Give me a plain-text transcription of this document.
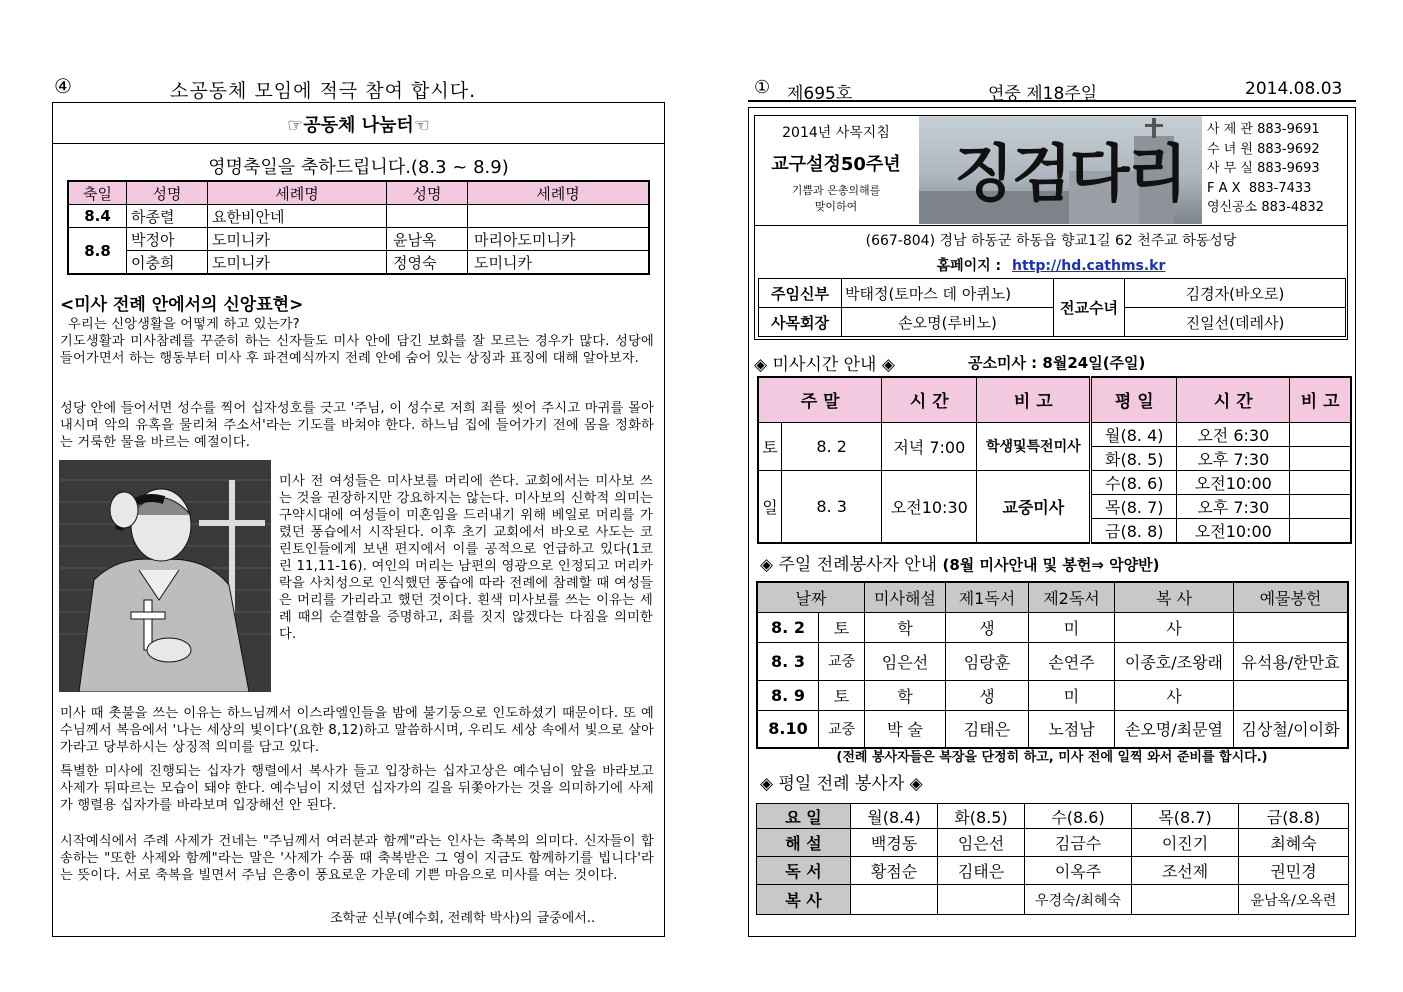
④	소공동체 모임에 적극 참여 합시다.
☞공동체 나눔터☜
영명축일을 축하드립니다.(8.3 ~ 8.9)
축일	성명	세례명	성명	세례명
8.4	하종렬	요한비안네		
8.8	박정아	도미니카	윤남옥	마리아도미니카
	이충희	도미니카	정영숙	도미니카
<미사 전례 안에서의 신앙표현>
우리는 신앙생활을 어떻게 하고 있는가?
기도생활과 미사참례를 꾸준히 하는 신자들도 미사 안에 담긴 보화를 잘 모르는 경우가 많다. 성당에 들어가면서 하는 행동부터 미사 후 파견예식까지 전례 안에 숨어 있는 상징과 표징에 대해 알아보자.
성당 안에 들어서면 성수를 찍어 십자성호를 긋고 '주님, 이 성수로 저희 죄를 씻어 주시고 마귀를 몰아내시며 악의 유혹을 물리쳐 주소서'라는 기도를 바쳐야 한다. 하느님 집에 들어가기 전에 몸을 정화하는 거룩한 물을 바르는 예절이다.
미사 전 여성들은 미사보를 머리에 쓴다. 교회에서는 미사보 쓰는 것을 권장하지만 강요하지는 않는다. 미사보의 신학적 의미는 구약시대에 여성들이 미혼임을 드러내기 위해 베일로 머리를 가렸던 풍습에서 시작된다. 이후 초기 교회에서 바오로 사도는 코린토인들에게 보낸 편지에서 이를 공적으로 언급하고 있다(1코린 11,11-16). 여인의 머리는 남편의 영광으로 인정되고 머리카락을 사치성으로 인식했던 풍습에 따라 전례에 참례할 때 여성들은 머리를 가리라고 했던 것이다. 흰색 미사보를 쓰는 이유는 세례 때의 순결함을 증명하고, 죄를 짓지 않겠다는 다짐을 의미한다.
미사 때 촛불을 쓰는 이유는 하느님께서 이스라엘인들을 밤에 불기둥으로 인도하셨기 때문이다. 또 예수님께서 복음에서 '나는 세상의 빛이다'(요한 8,12)하고 말씀하시며, 우리도 세상 속에서 빛으로 살아가라고 당부하시는 상징적 의미를 담고 있다.
특별한 미사에 진행되는 십자가 행렬에서 복사가 들고 입장하는 십자고상은 예수님이 앞을 바라보고 사제가 뒤따르는 모습이 돼야 한다. 예수님이 지셨던 십자가의 길을 뒤쫓아가는 것을 의미하기에 사제가 행렬용 십자가를 바라보며 입장해선 안 된다.
시작예식에서 주례 사제가 건네는 "주님께서 여러분과 함께"라는 인사는 축복의 의미다. 신자들이 합송하는 "또한 사제와 함께"라는 말은 '사제가 수품 때 축복받은 그 영이 지금도 함께하기를 빕니다'라는 뜻이다. 서로 축복을 빌면서 주님 은총이 풍요로운 가운데 기쁜 마음으로 미사를 여는 것이다.
조학균 신부(예수회, 전례학 박사)의 글중에서..
① 제695호	연중 제18주일	2014.08.03
2014년 사목지침
교구설정50주년
기쁨과 은총의해를
맞이하여	징검다리
사 제 관 883-9691
수 녀 원 883-9692
사 무 실 883-9693
F A X 883-7433
영신공소 883-4832
(667-804) 경남 하동군 하동읍 향교1길 62 천주교 하동성당
홈페이지 : http://hd.cathms.kr
주임신부	박태정(토마스 데 아퀴노)	전교수녀	김경자(바오로)
사목회장	손오명(루비노)		진일선(데레사)
◈ 미사시간 안내 ◈	공소미사 : 8월24일(주일)
주 말		시 간	비 고	평 일	시 간	비 고
토	8. 2	저녁 7:00	학생및특전미사	월(8. 4)	오전 6:30	
				화(8. 5)	오후 7:30	
일	8. 3	오전10:30	교중미사	수(8. 6)	오전10:00	
				목(8. 7)	오후 7:30	
				금(8. 8)	오전10:00	
◈ 주일 전례봉사자 안내 (8월 미사안내 및 봉헌⇒ 악양반)
날짜		미사해설	제1독서	제2독서	복 사	예물봉헌
8. 2	토	학	생	미	사	
8. 3	교중	임은선	임랑훈	손연주	이종호/조왕래	유석용/한만효
8. 9	토	학	생	미	사	
8.10	교중	박 술	김태은	노점남	손오명/최문열	김상철/이이화
(전례 봉사자들은 복장을 단정히 하고, 미사 전에 일찍 와서 준비를 합시다.)
◈ 평일 전례 봉사자 ◈
요 일	월(8.4)	화(8.5)	수(8.6)	목(8.7)	금(8.8)
해 설	백경동	임은선	김금수	이진기	최혜숙
독 서	황점순	김태은	이옥주	조선제	권민경
복 사			우경숙/최혜숙		윤남옥/오옥련
